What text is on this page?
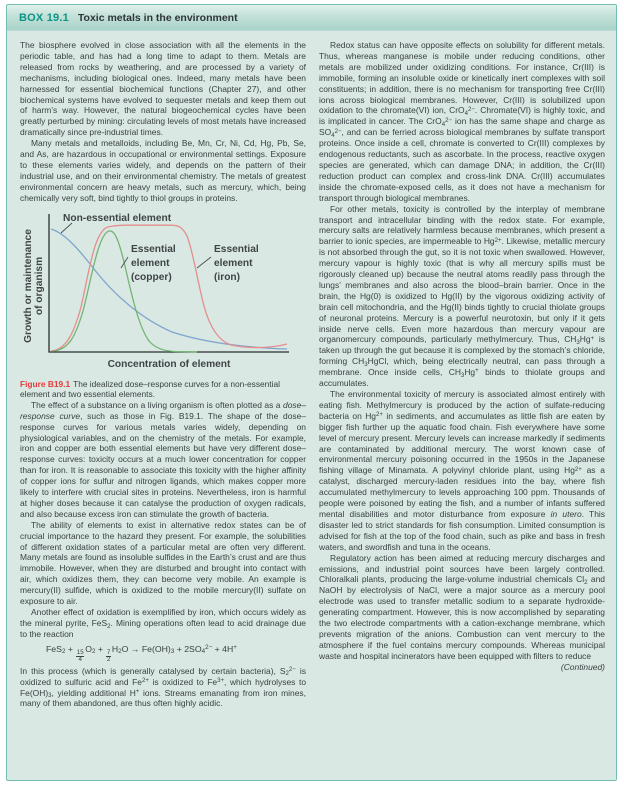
BOX 19.1 Toxic metals in the environment

The biosphere evolved in close association with all the elements in the periodic table, and has had a long time to adapt to them. Metals are released from rocks by weathering, and are processed by a variety of mechanisms, including biological ones. Indeed, many metals have been harnessed for essential biochemical functions (Chapter 27), and other biochemical systems have evolved to sequester metals and keep them out of harm’s way. However, the natural biogeochemical cycles have been greatly perturbed by mining: circulating levels of most metals have increased dramatically since pre-industrial times.

Many metals and metalloids, including Be, Mn, Cr, Ni, Cd, Hg, Pb, Se, and As, are hazardous in occupational or environmental settings. Exposure to these elements varies widely, and depends on the pattern of their industrial use, and on their environmental chemistry. The metals of greatest environmental concern are heavy metals, such as mercury, which, being chemically very soft, bind tightly to thiol groups in proteins.

Non-essential element
Essential
element
(copper)
Essential
element
(iron)
Growth or maintenance of organism
Concentration of element

Figure B19.1 The idealized dose–response curves for a non-essential element and two essential elements.

The effect of a substance on a living organism is often plotted as a dose–response curve, such as those in Fig. B19.1. The shape of the dose–response curves for various metals varies widely, depending on physiological variables, and on the chemistry of the metals. For example, iron and copper are both essential elements but have very different dose–response curves: toxicity occurs at a much lower concentration for copper than for iron. It is reasonable to associate this toxicity with the higher affinity of copper ions for sulfur and nitrogen ligands, which makes copper more likely to interfere with crucial sites in proteins. Nevertheless, iron is harmful at higher doses because it can catalyse the production of oxygen radicals, and also because excess iron can stimulate the growth of bacteria.

The ability of elements to exist in alternative redox states can be of crucial importance to the hazard they present. For example, the solubilities of different oxidation states of a particular metal are often very different. Many metals are found as insoluble sulfides in the Earth’s crust and are thus immobile. However, when they are disturbed and brought into contact with air, which oxidizes them, they can become very mobile. An example is mercury(II) sulfide, which is oxidized to the mobile mercury(II) sulfate on exposure to air.

Another effect of oxidation is exemplified by iron, which occurs widely as the mineral pyrite, FeS$_2$. Mining operations often lead to acid drainage due to the reaction

FeS$_2$ +
$\frac{15}{4}$
$O_2$ +
$\frac{7}{2}$
$H_2O \to Fe(OH)_3 + 2SO_4^{2-} + 4H^+$

In this process (which is generally catalysed by certain bacteria), $S_2^{2-}$ is oxidized to sulfuric acid and $Fe^{2+}$ is oxidized to $Fe^{3+}$, which hydrolyses to $Fe(OH)_3$, yielding additional H+ ions. Streams emanating from iron mines, many of them abandoned, are thus often highly acidic.

Redox status can have opposite effects on solubility for different metals. Thus, whereas manganese is mobile under reducing conditions, other metals are mobilized under oxidizing conditions. For instance, Cr(III) is immobile, forming an insoluble oxide or kinetically inert complexes with soil constituents; in addition, there is no mechanism for transporting free Cr(III) ions across biological membranes. However, Cr(III) is solubilized upon oxidation to the chromate(VI) ion, CrO$_4^{2-}$. Chromate(VI) is highly toxic, and is implicated in cancer. The CrO$_4^{2-}$ ion has the same shape and charge as $SO_4^{2-}$, and can be ferried across biological membranes by sulfate transport proteins. Once inside a cell, chromate is converted to Cr(III) complexes by endogenous reductants, such as ascorbate. In the process, reactive oxygen species are generated, which can damage DNA; in addition, the Cr(III) reduction product can complex and cross-link DNA. Cr(III) accumulates inside the chromate-exposed cells, as it does not have a mechanism for transport through biological membranes.

For other metals, toxicity is controlled by the interplay of membrane transport and intracellular binding with the redox state. For example, mercury salts are relatively harmless because membranes, which present a barrier to ionic species, are impermeable to $Hg^{2+}$. Likewise, metallic mercury is not absorbed through the gut, so it is not toxic when swallowed. However, mercury vapour is highly toxic (that is why all mercury spills must be rigorously cleaned up) because the neutral atoms readily pass through the lungs’ membranes and also across the blood–brain barrier. Once in the brain, the Hg(0) is oxidized to Hg(II) by the vigorous oxidizing activity of brain cell mitochondria, and the Hg(II) binds tightly to crucial thiolate groups of neuronal proteins. Mercury is a powerful neurotoxin, but only if it gets inside nerve cells. Even more hazardous than mercury vapour are organomercury compounds, particularly methylmercury. Thus, $CH_3Hg^+$ is taken up through the gut because it is complexed by the stomach’s chloride, forming $CH_3HgCl$, which, being electrically neutral, can pass through a membrane. Once inside cells, $CH_3Hg^+$ binds to thiolate groups and accumulates.

The environmental toxicity of mercury is associated almost entirely with eating fish. Methylmercury is produced by the action of sulfate-reducing bacteria on $Hg^{2+}$ in sediments, and accumulates as little fish are eaten by bigger fish further up the aquatic food chain. Fish everywhere have some level of mercury present. Mercury levels can increase markedly if sediments are contaminated by additional mercury. The worst known case of environmental mercury poisoning occurred in the 1950s in the Japanese fishing village of Minamata. A polyvinyl chloride plant, using $Hg^{2+}$ as a catalyst, discharged mercury-laden residues into the bay, where fish accumulated methylmercury to levels approaching 100 ppm. Thousands of people were poisoned by eating the fish, and a number of infants suffered mental disabilities and motor disturbance from exposure in utero. This disaster led to strict standards for fish consumption. Limited consumption is advised for fish at the top of the food chain, such as pike and bass in fresh waters, and swordfish and tuna in the oceans.

Regulatory action has been aimed at reducing mercury discharges and emissions, and industrial point sources have been largely controlled. Chloralkali plants, producing the large-volume industrial chemicals $Cl_2$ and NaOH by electrolysis of NaCl, were a major source as a mercury pool electrode was used to transfer metallic sodium to a separate hydroxide-generating compartment. However, this is now accomplished by separating the two electrode compartments with a cation-exchange membrane, which prevents migration of the anions. Combustion can vent mercury to the atmosphere if the fuel contains mercury compounds. Whereas municipal waste and hospital incinerators have been equipped with filters to reduce

(Continued)
